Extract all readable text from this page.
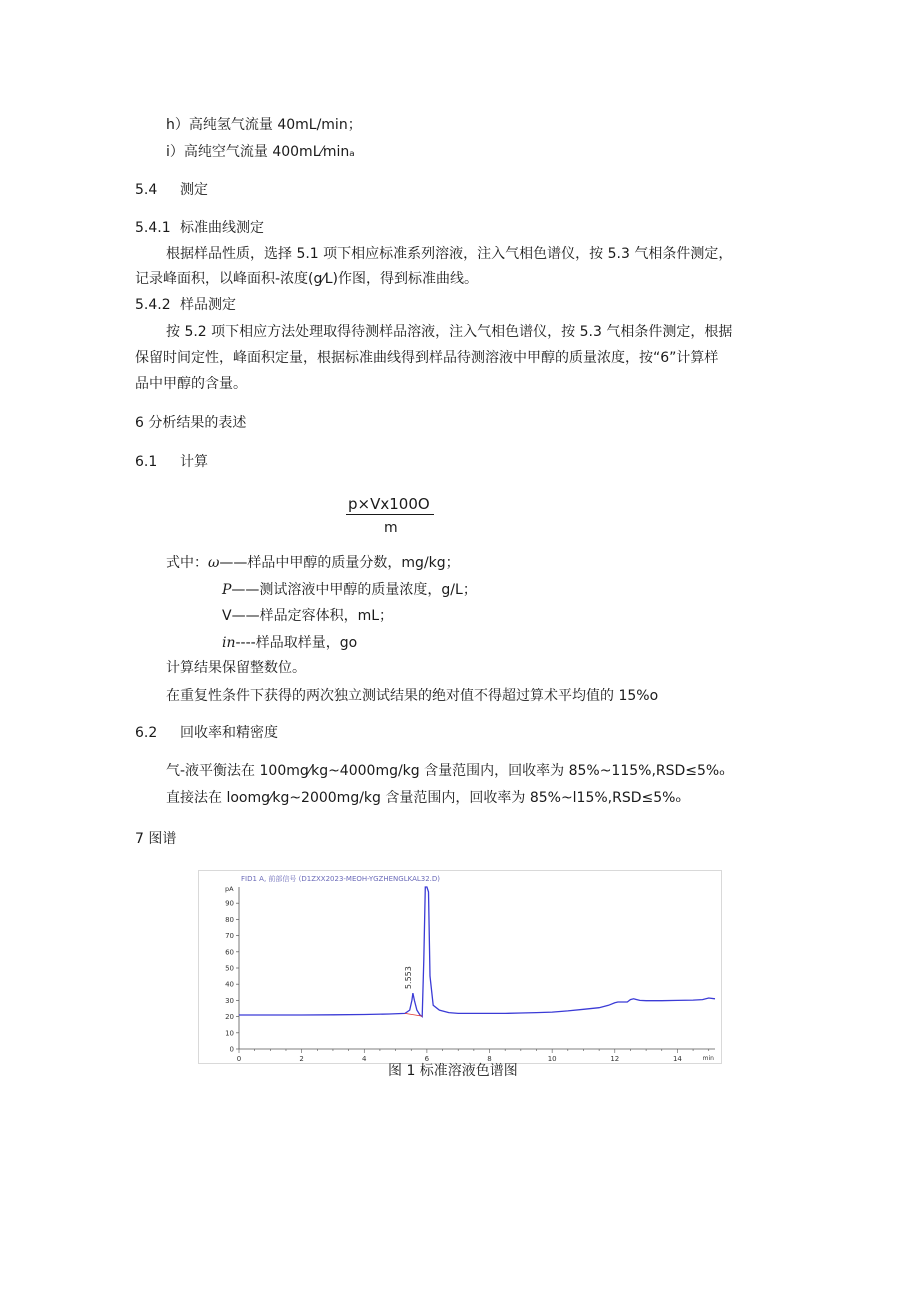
h）高纯氢气流量 40mL/min；
i）高纯空气流量 400mL⁄minₐ
5.4 测定
5.4.1 标准曲线测定
根据样品性质，选择 5.1 项下相应标准系列溶液，注入气相色谱仪，按 5.3 气相条件测定，
记录峰面积，以峰面积-浓度(g⁄L)作图，得到标准曲线。
5.4.2 样品测定
按 5.2 项下相应方法处理取得待测样品溶液，注入气相色谱仪，按 5.3 气相条件测定，根据
保留时间定性，峰面积定量，根据标准曲线得到样品待测溶液中甲醇的质量浓度，按“6”计算样
品中甲醇的含量。
6 分析结果的表述
6.1 计算
p×Vx100O
m
式中：ω——样品中甲醇的质量分数，mg/kg；
P——测试溶液中甲醇的质量浓度，g/L；
V——样品定容体积，mL；
in----样品取样量，go
计算结果保留整数位。
在重复性条件下获得的两次独立测试结果的绝对值不得超过算术平均值的 15%o
6.2 回收率和精密度
气-液平衡法在 100mg⁄kg~4000mg/kg 含量范围内，回收率为 85%~115%,RSD≤5%ₒ
直接法在 loomg⁄kg~2000mg/kg 含量范围内，回收率为 85%~l15%,RSD≤5%ₒ
7 图谱
FID1 A, 前部信号 (D1ZXX2023-MEOH-YGZHENGLKAL32.D)
0
10
20
30
40
50
60
70
80
90
pA
0	2	4	6	8	10	12	14	min
5.553
图 1 标准溶液色谱图
